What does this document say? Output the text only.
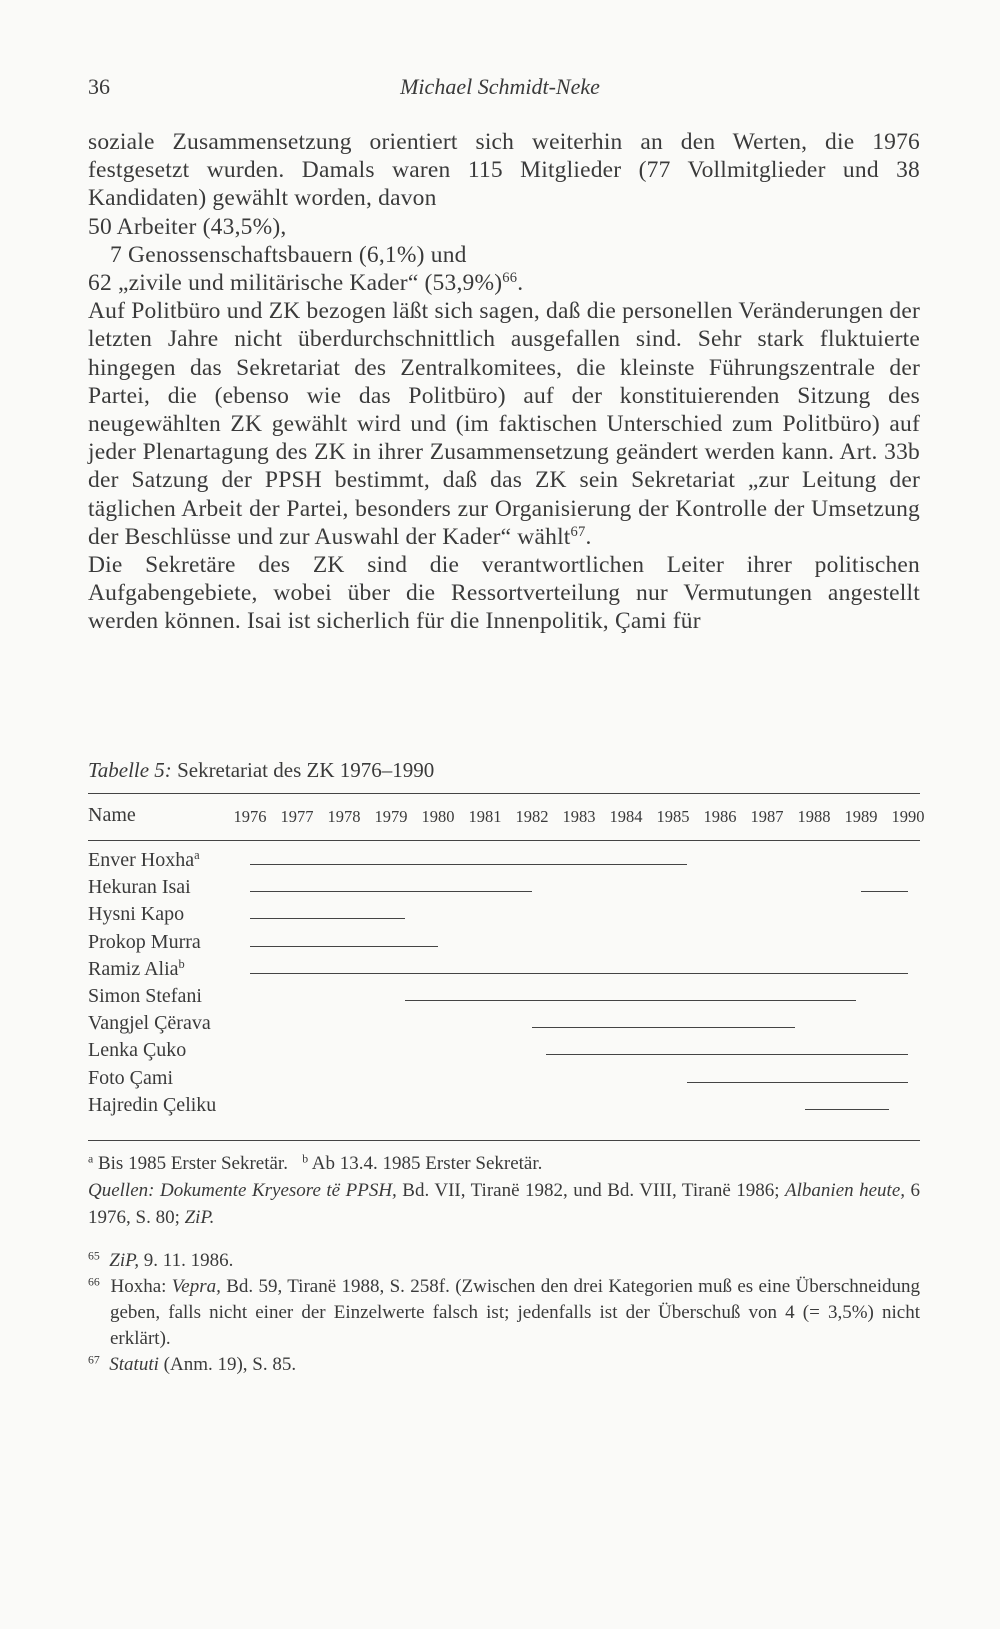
36	Michael Schmidt-Neke

soziale Zusammensetzung orientiert sich weiterhin an den Werten, die 1976 festgesetzt wurden. Damals waren 115 Mitglieder (77 Vollmitglieder und 38 Kandidaten) gewählt worden, davon

50 Arbeiter (43,5%),

7 Genossenschaftsbauern (6,1%) und

62 „zivile und militärische Kader“ $(53,9\%)^{66}$.

Auf Politbüro und ZK bezogen läßt sich sagen, daß die personellen Veränderungen der letzten Jahre nicht überdurchschnittlich ausgefallen sind. Sehr stark fluktuierte hingegen das Sekretariat des Zentralkomitees, die kleinste Führungszentrale der Partei, die (ebenso wie das Politbüro) auf der konstituierenden Sitzung des neugewählten ZK gewählt wird und (im faktischen Unterschied zum Politbüro) auf jeder Plenartagung des ZK in ihrer Zusammensetzung geändert werden kann. Art. 33b der Satzung der PPSH bestimmt, daß das ZK sein Sekretariat „zur Leitung der täglichen Arbeit der Partei, besonders zur Organisierung der Kontrolle der Umsetzung der Beschlüsse und zur Auswahl der Kader“ wählt$^{67}$.

Die Sekretäre des ZK sind die verantwortlichen Leiter ihrer politischen Aufgabengebiete, wobei über die Ressortverteilung nur Vermutungen angestellt werden können. Isai ist sicherlich für die Innenpolitik, Çami für

Tabelle 5: Sekretariat des ZK 1976–1990
Name	1976 1977 1978 1979 1980 1981 1982 1983 1984 1985 1986 1987 1988 1989 1990
Enver Hoxha$^a$
Hekuran Isai
Hysni Kapo
Prokop Murra
Ramiz Alia$^b$
Simon Stefani
Vangjel Çërava
Lenka Çuko
Foto Çami
Hajredin Çeliku

$^a$ Bis 1985 Erster Sekretär. $^b$ Ab 13.4. 1985 Erster Sekretär.

Quellen: Dokumente Kryesore të PPSH, Bd. VII, Tiranë 1982, und Bd. VIII, Tiranë 1986; Albanien heute, 6 1976, S. 80; ZiP.

$^{65}$ ZiP, 9. 11. 1986.

$^{66}$ Hoxha: Vepra, Bd. 59, Tiranë 1988, S. 258f. (Zwischen den drei Kategorien muß es eine Überschneidung geben, falls nicht einer der Einzelwerte falsch ist; jedenfalls ist der Überschuß von 4 (= 3,5%) nicht erklärt).

$^{67}$ Statuti (Anm. 19), S. 85.
